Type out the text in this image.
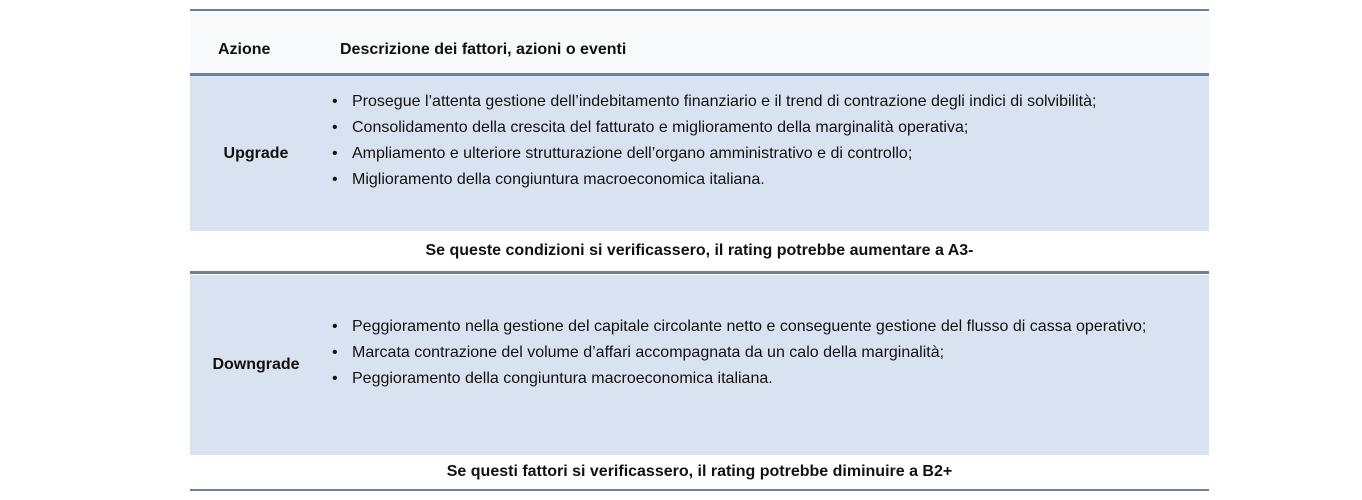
Azione	Descrizione dei fattori, azioni o eventi
Upgrade
• Prosegue l’attenta gestione dell’indebitamento finanziario e il trend di contrazione degli indici di solvibilità;
• Consolidamento della crescita del fatturato e miglioramento della marginalità operativa;
• Ampliamento e ulteriore strutturazione dell’organo amministrativo e di controllo;
• Miglioramento della congiuntura macroeconomica italiana.
Se queste condizioni si verificassero, il rating potrebbe aumentare a A3-
Downgrade
• Peggioramento nella gestione del capitale circolante netto e conseguente gestione del flusso di cassa operativo;
• Marcata contrazione del volume d’affari accompagnata da un calo della marginalità;
• Peggioramento della congiuntura macroeconomica italiana.
Se questi fattori si verificassero, il rating potrebbe diminuire a B2+
